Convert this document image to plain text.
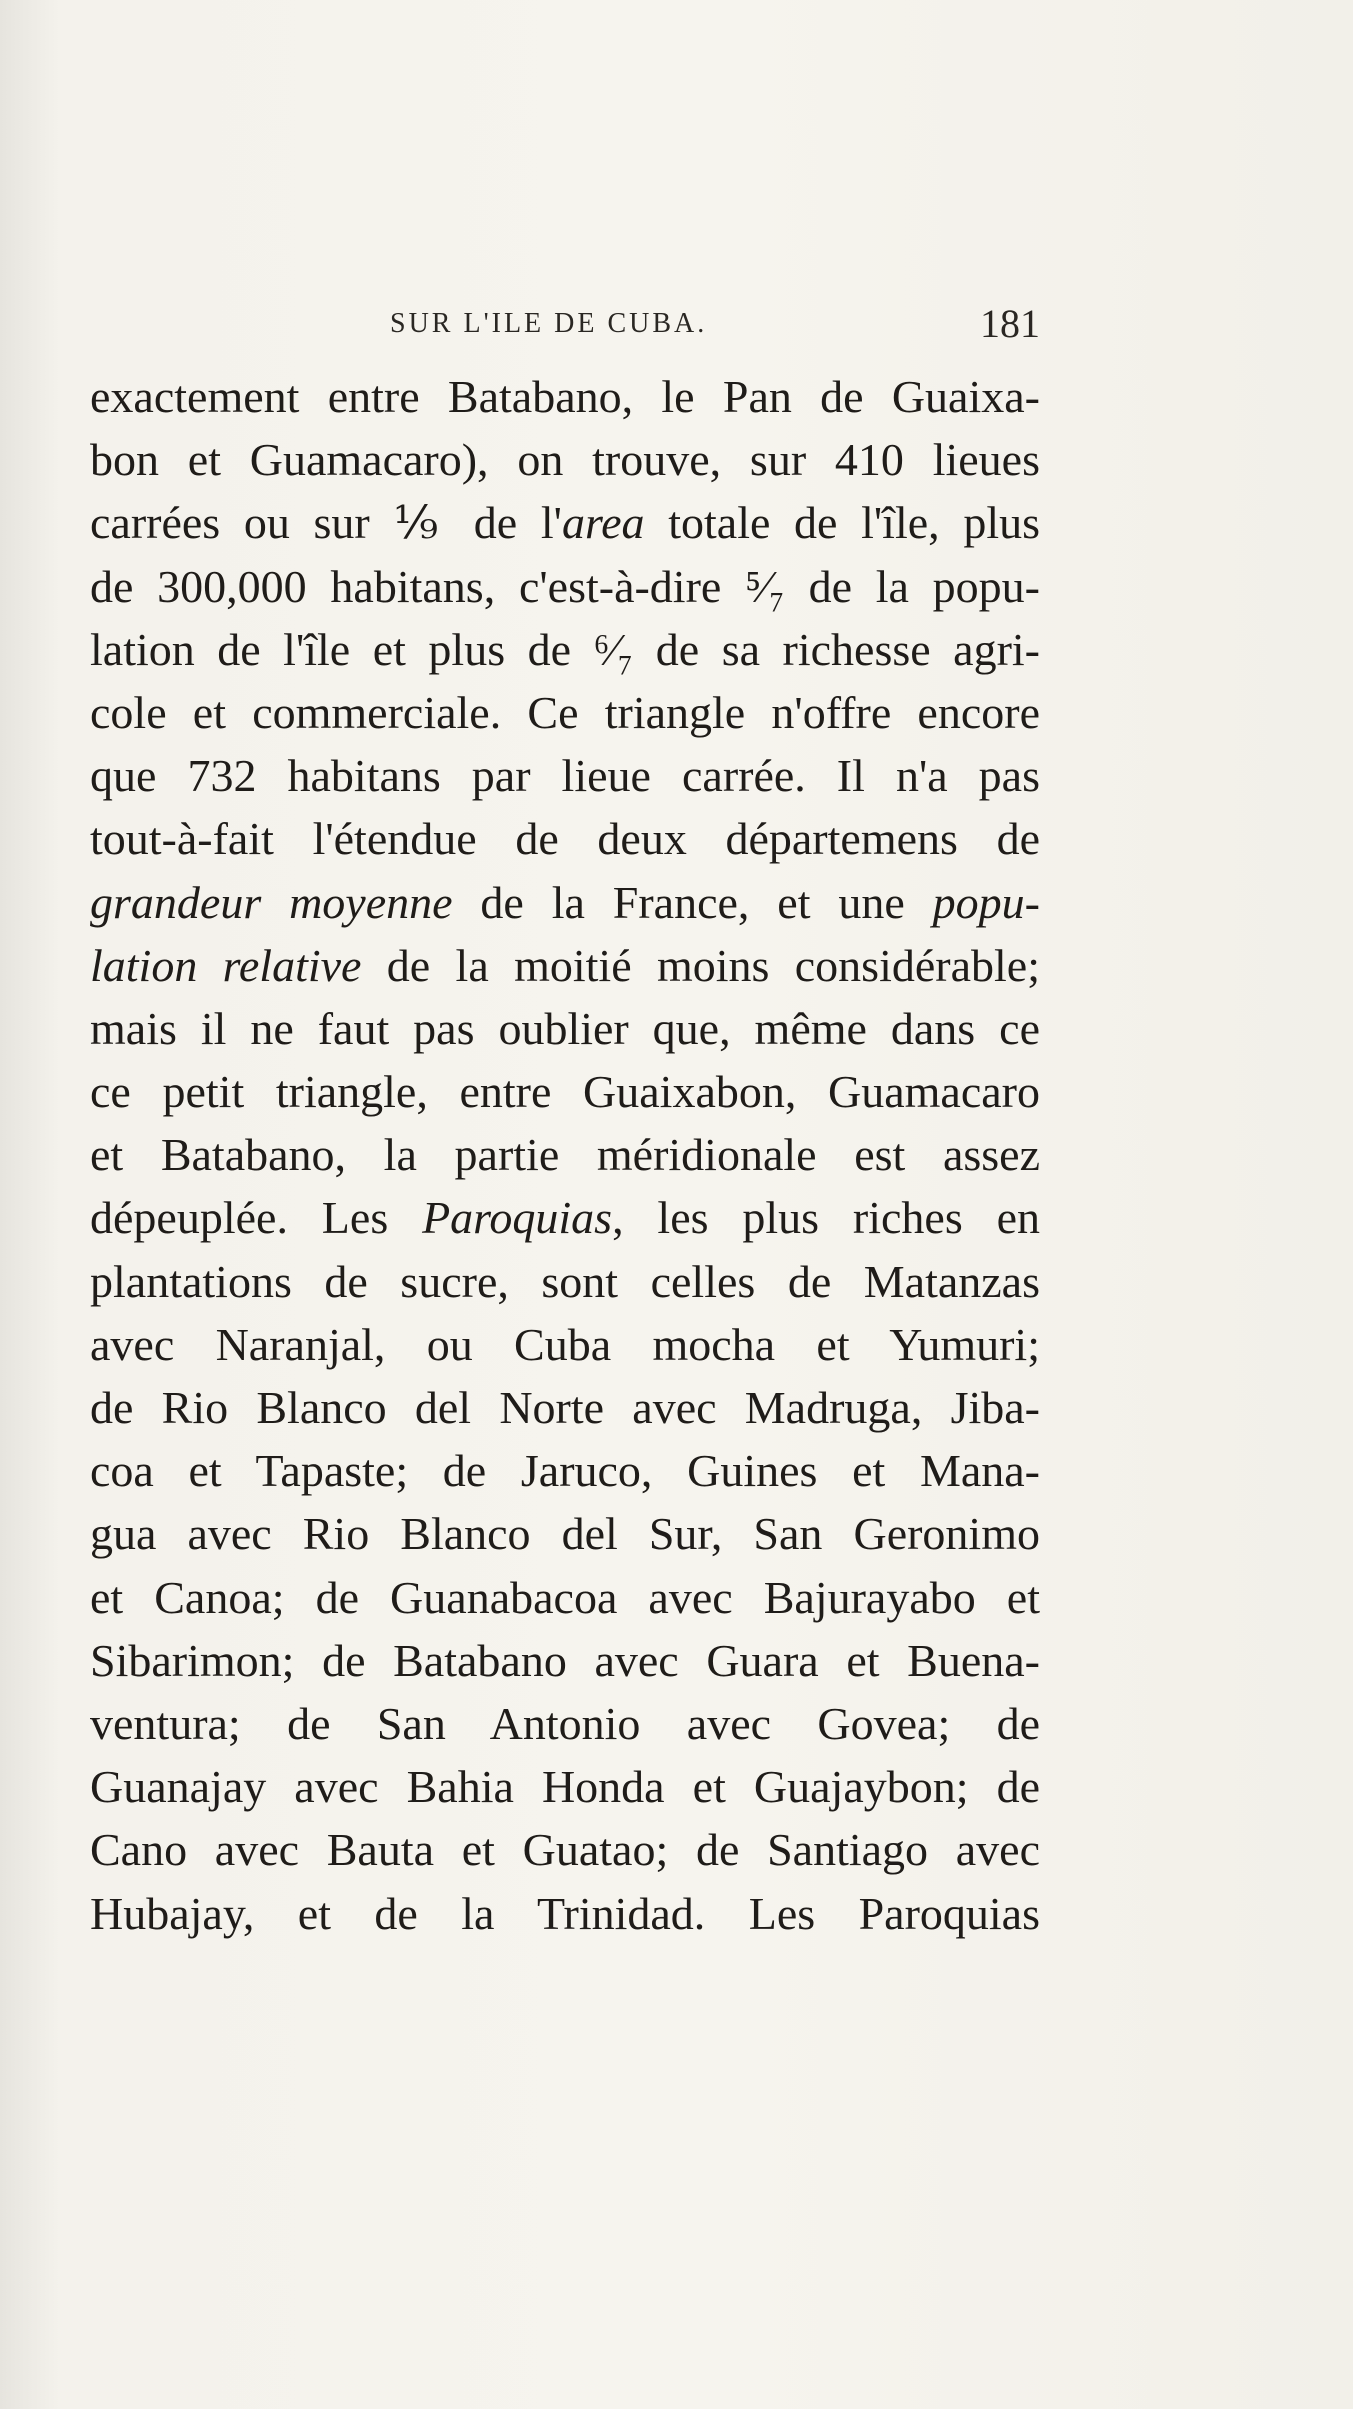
SUR L'ILE DE CUBA.	181
exactement entre Batabano, le Pan de Guaixa-
bon et Guamacaro), on trouve, sur 410 lieues
carrées ou sur ⅑ de l'area totale de l'île, plus
de 300,000 habitans, c'est-à-dire ⁵⁄₇ de la popu-
lation de l'île et plus de ⁶⁄₇ de sa richesse agri-
cole et commerciale. Ce triangle n'offre encore
que 732 habitans par lieue carrée. Il n'a pas
tout-à-fait l'étendue de deux départemens de
grandeur moyenne de la France, et une popu-
lation relative de la moitié moins considérable;
mais il ne faut pas oublier que, même dans ce
ce petit triangle, entre Guaixabon, Guamacaro
et Batabano, la partie méridionale est assez
dépeuplée. Les Paroquias, les plus riches en
plantations de sucre, sont celles de Matanzas
avec Naranjal, ou Cuba mocha et Yumuri;
de Rio Blanco del Norte avec Madruga, Jiba-
coa et Tapaste; de Jaruco, Guines et Mana-
gua avec Rio Blanco del Sur, San Geronimo
et Canoa; de Guanabacoa avec Bajurayabo et
Sibarimon; de Batabano avec Guara et Buena-
ventura; de San Antonio avec Govea; de
Guanajay avec Bahia Honda et Guajaybon; de
Cano avec Bauta et Guatao; de Santiago avec
Hubajay, et de la Trinidad. Les Paroquias
